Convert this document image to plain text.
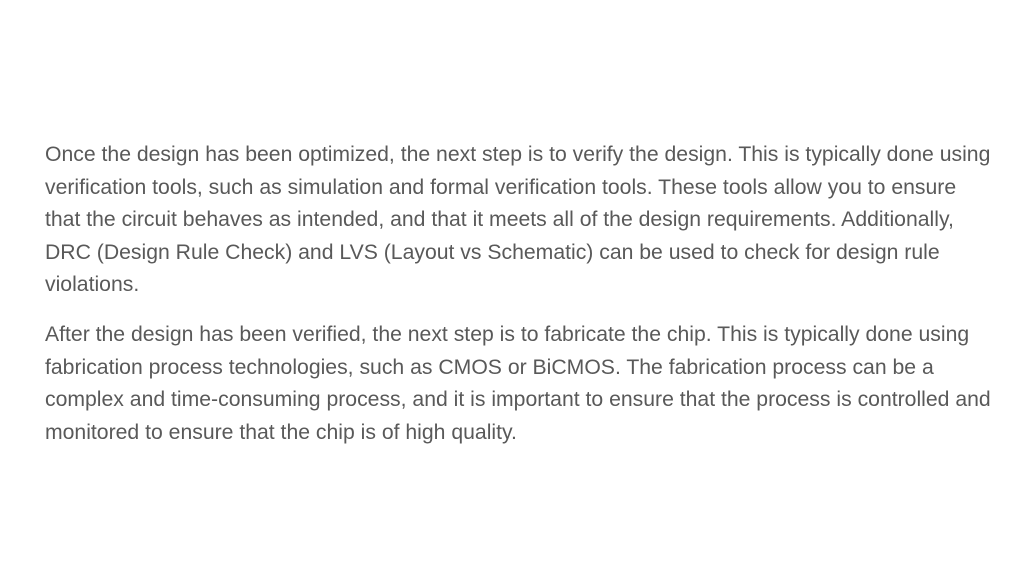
Once the design has been optimized, the next step is to verify the design. This is typically done using verification tools, such as simulation and formal verification tools. These tools allow you to ensure that the circuit behaves as intended, and that it meets all of the design requirements. Additionally, DRC (Design Rule Check) and LVS (Layout vs Schematic) can be used to check for design rule violations.

After the design has been verified, the next step is to fabricate the chip. This is typically done using fabrication process technologies, such as CMOS or BiCMOS. The fabrication process can be a complex and time-consuming process, and it is important to ensure that the process is controlled and monitored to ensure that the chip is of high quality.
